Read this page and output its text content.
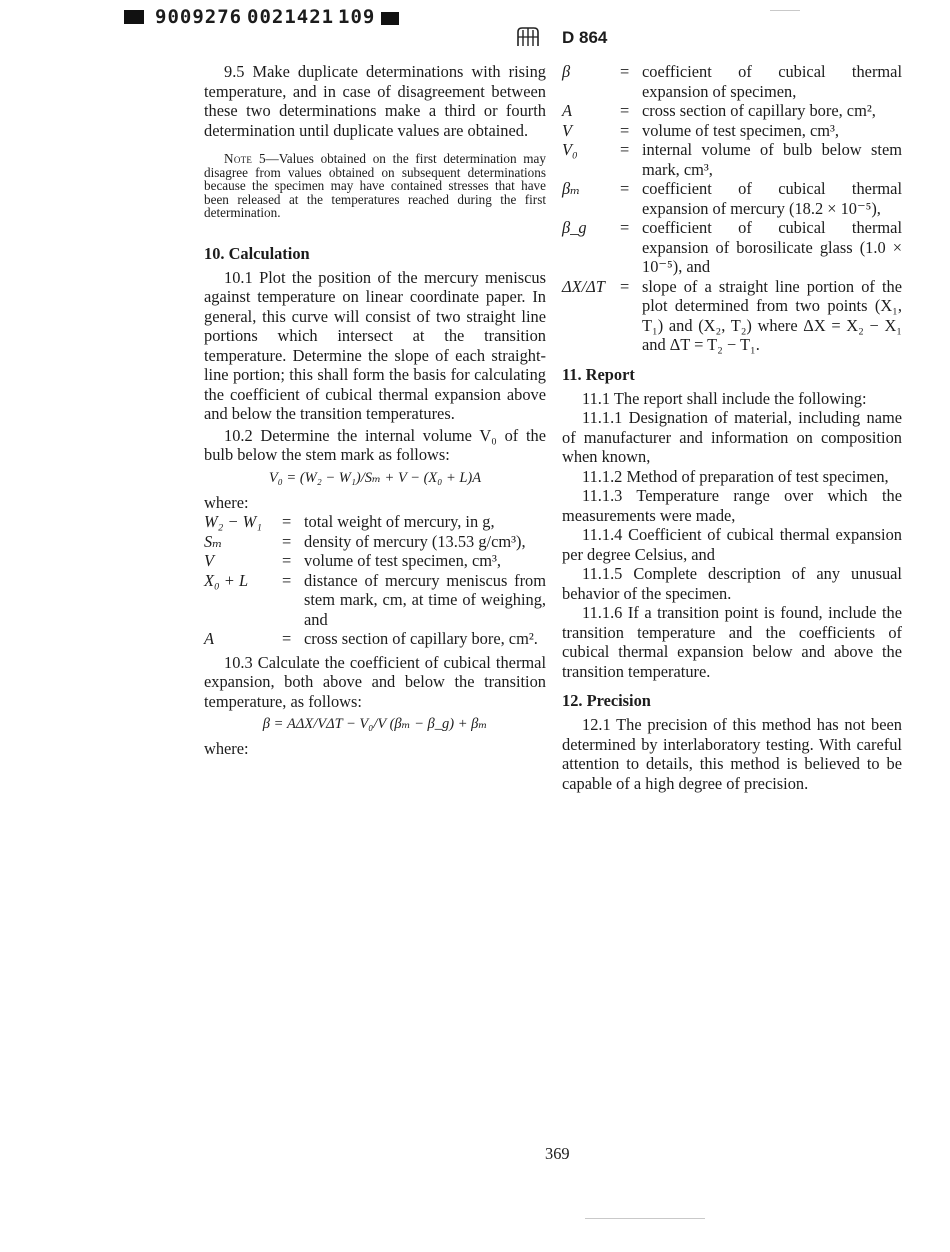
9009276 0021421 109
D 864

9.5 Make duplicate determinations with rising temperature, and in case of disagreement between these two determinations make a third or fourth determination until duplicate values are obtained.

Note 5—Values obtained on the first determination may disagree from values obtained on subsequent determinations because the specimen may have contained stresses that have been released at the temperatures reached during the first determination.

10. Calculation

10.1 Plot the position of the mercury meniscus against temperature on linear coordinate paper. In general, this curve will consist of two straight line portions which intersect at the transition temperature. Determine the slope of each straight-line portion; this shall form the basis for calculating the coefficient of cubical thermal expansion above and below the transition temperatures.

10.2 Determine the internal volume V₀ of the bulb below the stem mark as follows:

V₀ = (W₂ − W₁)/Sₘ + V − (X₀ + L)A

where:

W₂ − W₁	= total weight of mercury, in g,
Sₘ	= density of mercury (13.53 g/cm³),
V	= volume of test specimen, cm³,
X₀ + L	= distance of mercury meniscus from stem mark, cm, at time of weighing, and
A	= cross section of capillary bore, cm².

10.3 Calculate the coefficient of cubical thermal expansion, both above and below the transition temperature, as follows:

β = AΔX/VΔT − V₀/V (βₘ − β_g) + βₘ

where:

β	= coefficient of cubical thermal expansion of specimen,
A	= cross section of capillary bore, cm²,
V	= volume of test specimen, cm³,
V₀	= internal volume of bulb below stem mark, cm³,
βₘ	= coefficient of cubical thermal expansion of mercury (18.2 × 10⁻⁵),
β_g	= coefficient of cubical thermal expansion of borosilicate glass (1.0 × 10⁻⁵), and
ΔX/ΔT = slope of a straight line portion of the plot determined from two points (X₁, T₁) and (X₂, T₂) where ΔX = X₂ − X₁ and ΔT = T₂ − T₁.
11. Report

11.1 The report shall include the following:

11.1.1 Designation of material, including name of manufacturer and information on composition when known,

11.1.2 Method of preparation of test specimen,

11.1.3 Temperature range over which the measurements were made,

11.1.4 Coefficient of cubical thermal expansion per degree Celsius, and

11.1.5 Complete description of any unusual behavior of the specimen.

11.1.6 If a transition point is found, include the transition temperature and the coefficients of cubical thermal expansion below and above the transition temperature.

12. Precision

12.1 The precision of this method has not been determined by interlaboratory testing. With careful attention to details, this method is believed to be capable of a high degree of precision.

369
